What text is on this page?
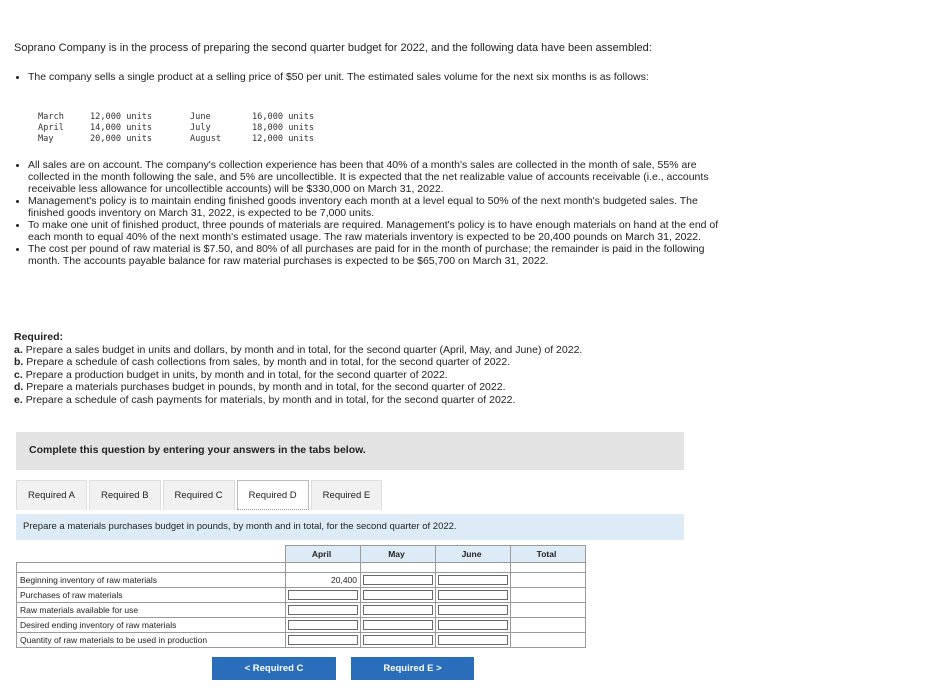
Soprano Company is in the process of preparing the second quarter budget for 2022, and the following data have been assembled:
• The company sells a single product at a selling price of $50 per unit. The estimated sales volume for the next six months is as follows:
March	12,000 units	June	16,000 units
April	14,000 units	July	18,000 units
May	20,000 units	August	12,000 units
• All sales are on account. The company's collection experience has been that 40% of a month's sales are collected in the month of sale, 55% are collected in the month following the sale, and 5% are uncollectible. It is expected that the net realizable value of accounts receivable (i.e., accounts receivable less allowance for uncollectible accounts) will be $330,000 on March 31, 2022.
• Management's policy is to maintain ending finished goods inventory each month at a level equal to 50% of the next month's budgeted sales. The finished goods inventory on March 31, 2022, is expected to be 7,000 units.
• To make one unit of finished product, three pounds of materials are required. Management's policy is to have enough materials on hand at the end of each month to equal 40% of the next month's estimated usage. The raw materials inventory is expected to be 20,400 pounds on March 31, 2022.
• The cost per pound of raw material is $7.50, and 80% of all purchases are paid for in the month of purchase; the remainder is paid in the following month. The accounts payable balance for raw material purchases is expected to be $65,700 on March 31, 2022.
Required:
a. Prepare a sales budget in units and dollars, by month and in total, for the second quarter (April, May, and June) of 2022.
b. Prepare a schedule of cash collections from sales, by month and in total, for the second quarter of 2022.
c. Prepare a production budget in units, by month and in total, for the second quarter of 2022.
d. Prepare a materials purchases budget in pounds, by month and in total, for the second quarter of 2022.
e. Prepare a schedule of cash payments for materials, by month and in total, for the second quarter of 2022.
Complete this question by entering your answers in the tabs below.
Required A	Required B	Required C	Required D	Required E
Prepare a materials purchases budget in pounds, by month and in total, for the second quarter of 2022.
	April	May	June	Total

Beginning inventory of raw materials	20,400

Purchases of raw materials				
Raw materials available for use				
Desired ending inventory of raw materials				
Quantity of raw materials to be used in production				
< Required C	Required E >
